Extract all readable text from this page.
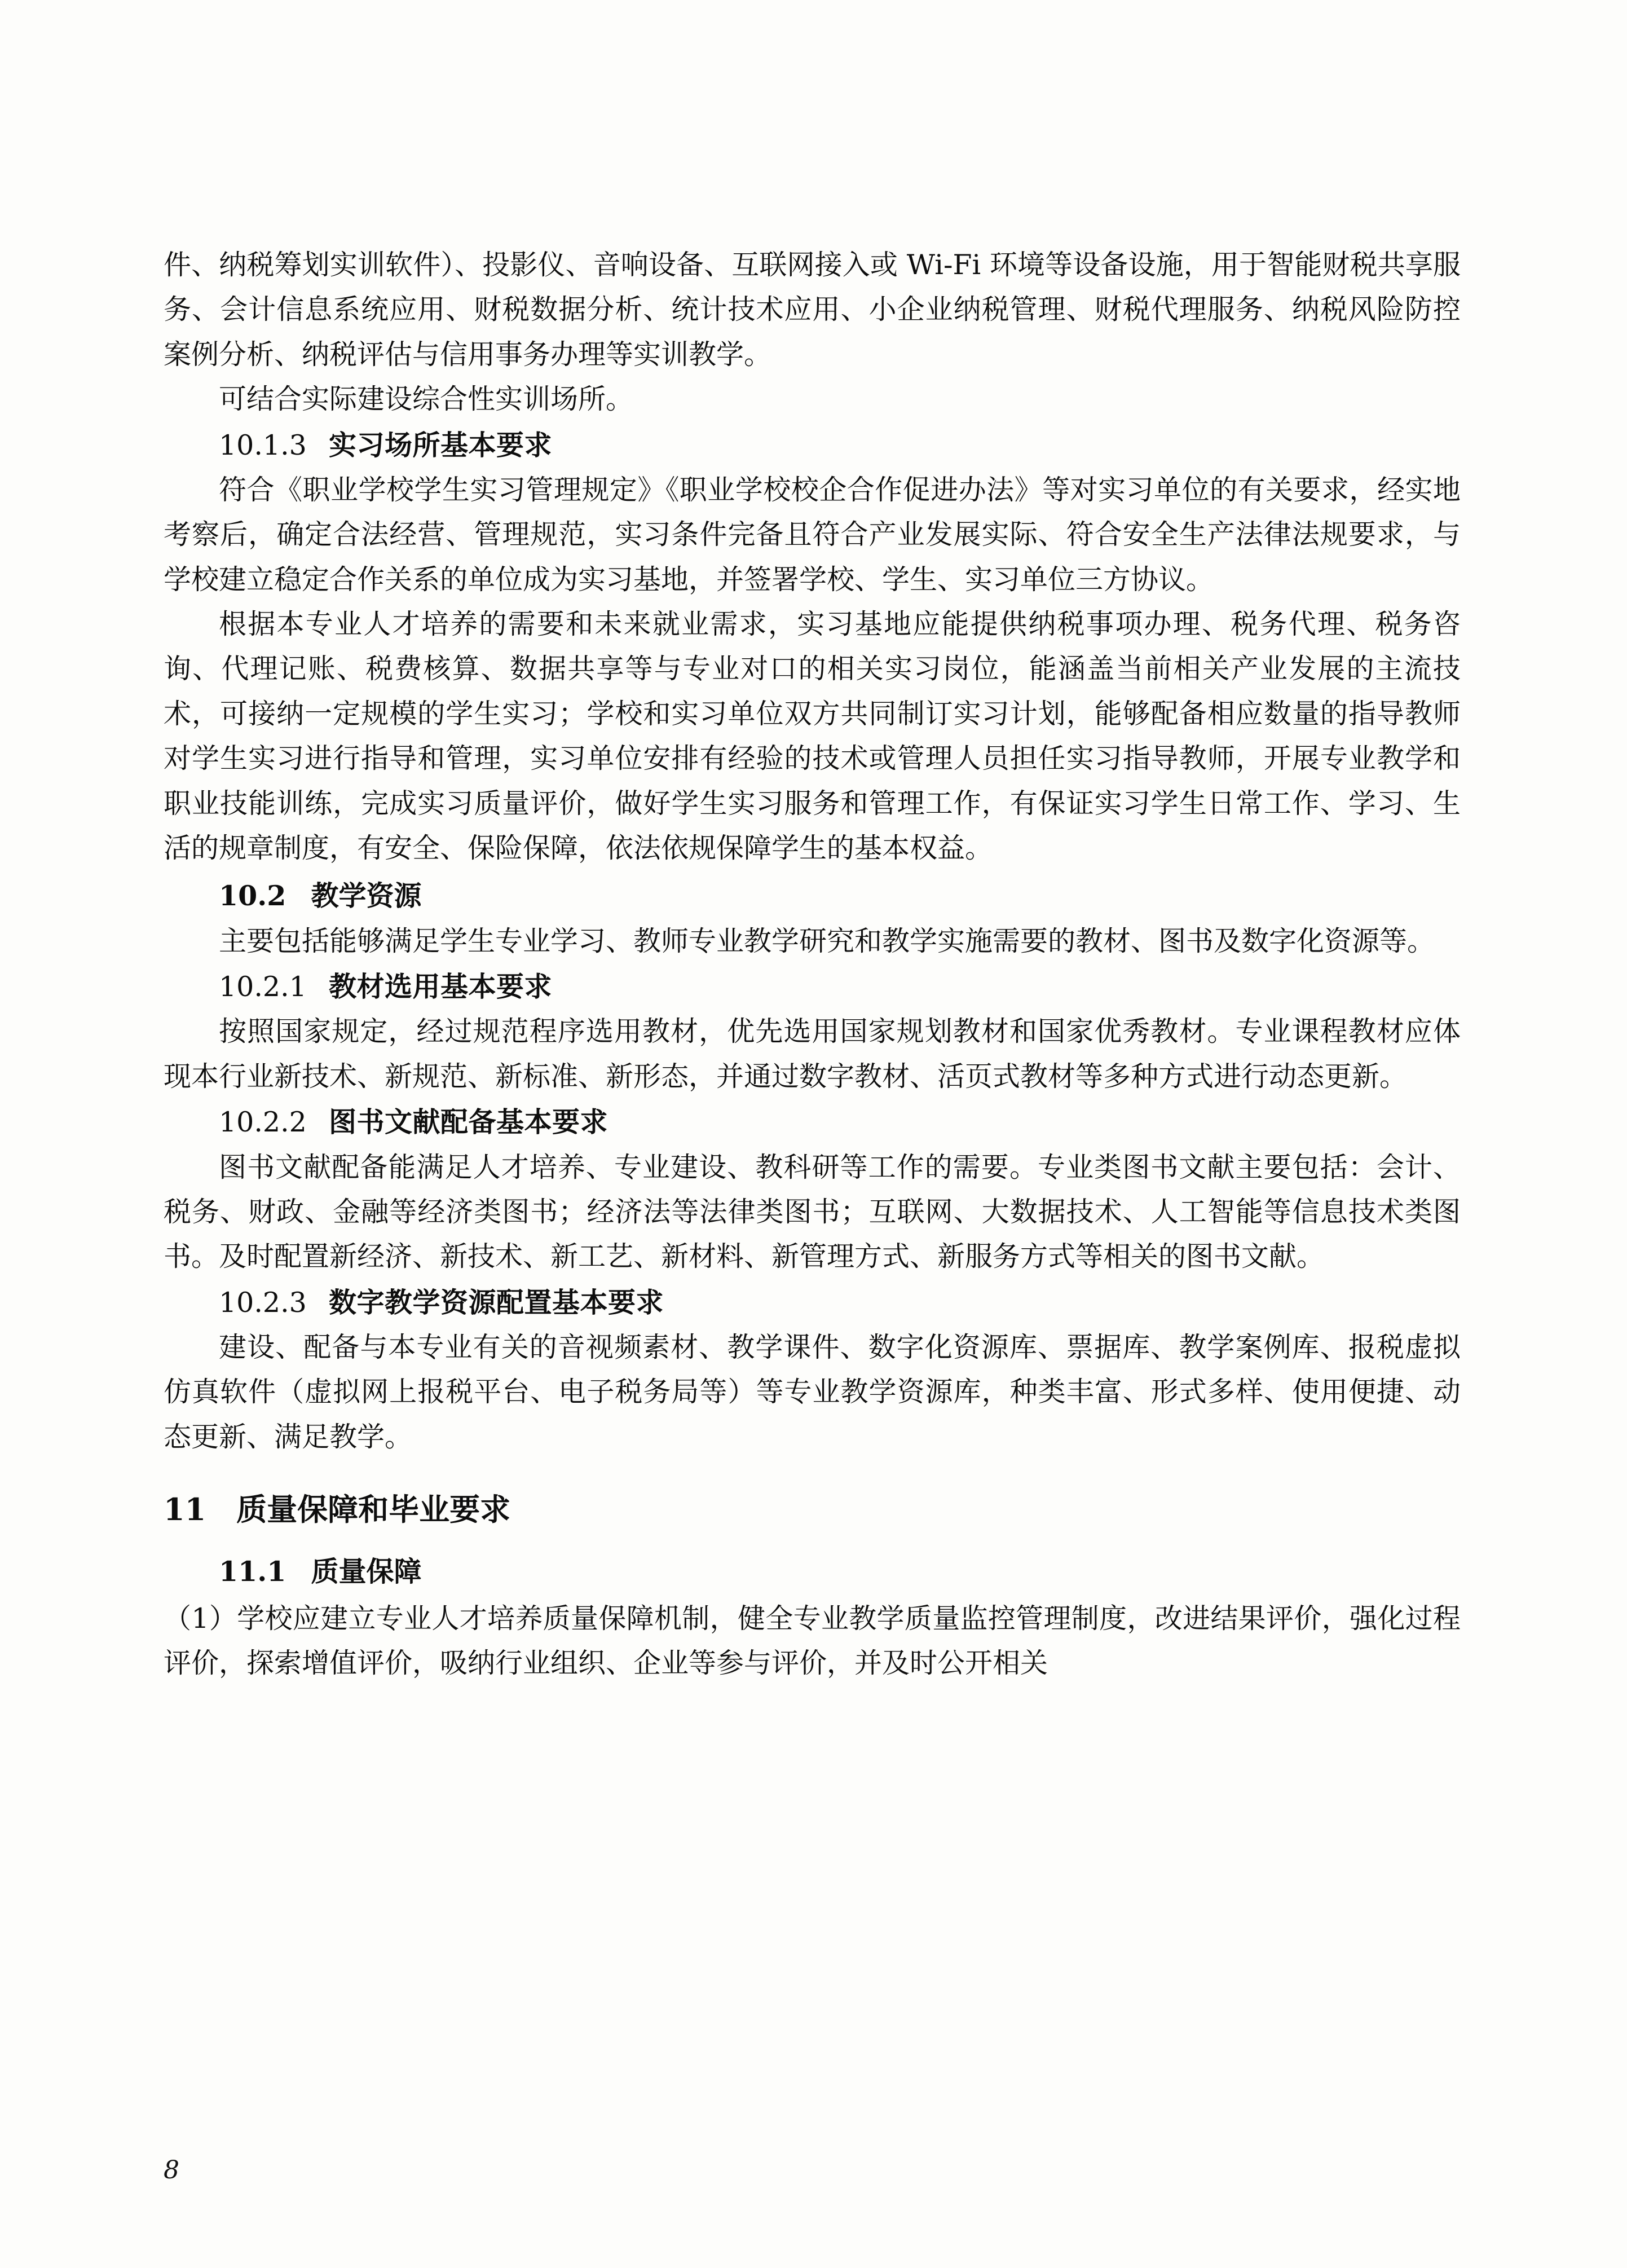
件、纳税筹划实训软件）、投影仪、音响设备、互联网接入或 Wi-Fi 环境等设备设施，用于智能财税共享服务、会计信息系统应用、财税数据分析、统计技术应用、小企业纳税管理、财税代理服务、纳税风险防控案例分析、纳税评估与信用事务办理等实训教学。

可结合实际建设综合性实训场所。

10.1.3 实习场所基本要求

符合《职业学校学生实习管理规定》《职业学校校企合作促进办法》等对实习单位的有关要求，经实地考察后，确定合法经营、管理规范，实习条件完备且符合产业发展实际、符合安全生产法律法规要求，与学校建立稳定合作关系的单位成为实习基地，并签署学校、学生、实习单位三方协议。

根据本专业人才培养的需要和未来就业需求，实习基地应能提供纳税事项办理、税务代理、税务咨询、代理记账、税费核算、数据共享等与专业对口的相关实习岗位，能涵盖当前相关产业发展的主流技术，可接纳一定规模的学生实习；学校和实习单位双方共同制订实习计划，能够配备相应数量的指导教师对学生实习进行指导和管理，实习单位安排有经验的技术或管理人员担任实习指导教师，开展专业教学和职业技能训练，完成实习质量评价，做好学生实习服务和管理工作，有保证实习学生日常工作、学习、生活的规章制度，有安全、保险保障，依法依规保障学生的基本权益。

10.2 教学资源

主要包括能够满足学生专业学习、教师专业教学研究和教学实施需要的教材、图书及数字化资源等。

10.2.1 教材选用基本要求

按照国家规定，经过规范程序选用教材，优先选用国家规划教材和国家优秀教材。专业课程教材应体现本行业新技术、新规范、新标准、新形态，并通过数字教材、活页式教材等多种方式进行动态更新。

10.2.2 图书文献配备基本要求

图书文献配备能满足人才培养、专业建设、教科研等工作的需要。专业类图书文献主要包括：会计、税务、财政、金融等经济类图书；经济法等法律类图书；互联网、大数据技术、人工智能等信息技术类图书。及时配置新经济、新技术、新工艺、新材料、新管理方式、新服务方式等相关的图书文献。

10.2.3 数字教学资源配置基本要求

建设、配备与本专业有关的音视频素材、教学课件、数字化资源库、票据库、教学案例库、报税虚拟仿真软件（虚拟网上报税平台、电子税务局等）等专业教学资源库，种类丰富、形式多样、使用便捷、动态更新、满足教学。

11 质量保障和毕业要求

11.1 质量保障

（1）学校应建立专业人才培养质量保障机制，健全专业教学质量监控管理制度，改进结果评价，强化过程评价，探索增值评价，吸纳行业组织、企业等参与评价，并及时公开相关

8
